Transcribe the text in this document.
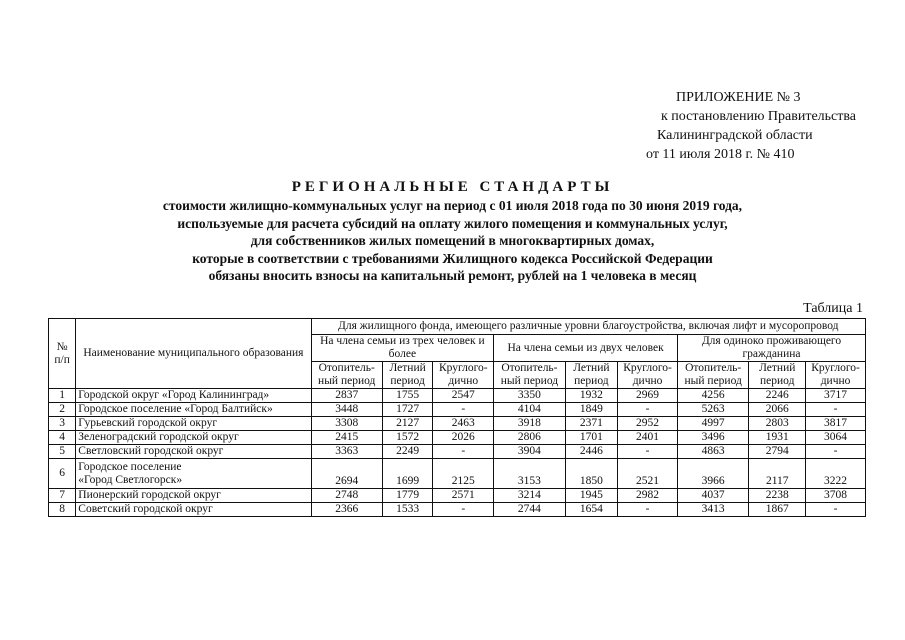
ПРИЛОЖЕНИЕ № 3
к постановлению Правительства
Калининградской области
от 11 июля 2018 г. № 410
РЕГИОНАЛЬНЫЕ СТАНДАРТЫ
стоимости жилищно-коммунальных услуг на период с 01 июля 2018 года по 30 июня 2019 года,
используемые для расчета субсидий на оплату жилого помещения и коммунальных услуг,
для собственников жилых помещений в многоквартирных домах,
которые в соответствии с требованиями Жилищного кодекса Российской Федерации
обязаны вносить взносы на капитальный ремонт, рублей на 1 человека в месяц
Таблица 1
№ п/п	Наименование муниципального образования	Для жилищного фонда, имеющего различные уровни благоустройства, включая лифт и мусоропровод								
		На члена семьи из трех человек и более			На члена семьи из двух человек			Для одиноко проживающего гражданина		
		Отопитель-ный период	Летний период	Круглого-дично	Отопитель-ный период	Летний период	Круглого-дично	Отопитель-ный период	Летний период	Круглого-дично
1	Городской округ «Город Калининград»	2837	1755	2547	3350	1932	2969	4256	2246	3717
2	Городское поселение «Город Балтийск»	3448	1727	-	4104	1849	-	5263	2066	-
3	Гурьевский городской округ	3308	2127	2463	3918	2371	2952	4997	2803	3817
4	Зеленоградский городской округ	2415	1572	2026	2806	1701	2401	3496	1931	3064
5	Светловский городской округ	3363	2249	-	3904	2446	-	4863	2794	-
6	Городское поселение
«Город Светлогорск»	2694	1699	2125	3153	1850	2521	3966	2117	3222
7	Пионерский городской округ	2748	1779	2571	3214	1945	2982	4037	2238	3708
8	Советский городской округ	2366	1533	-	2744	1654	-	3413	1867	-
